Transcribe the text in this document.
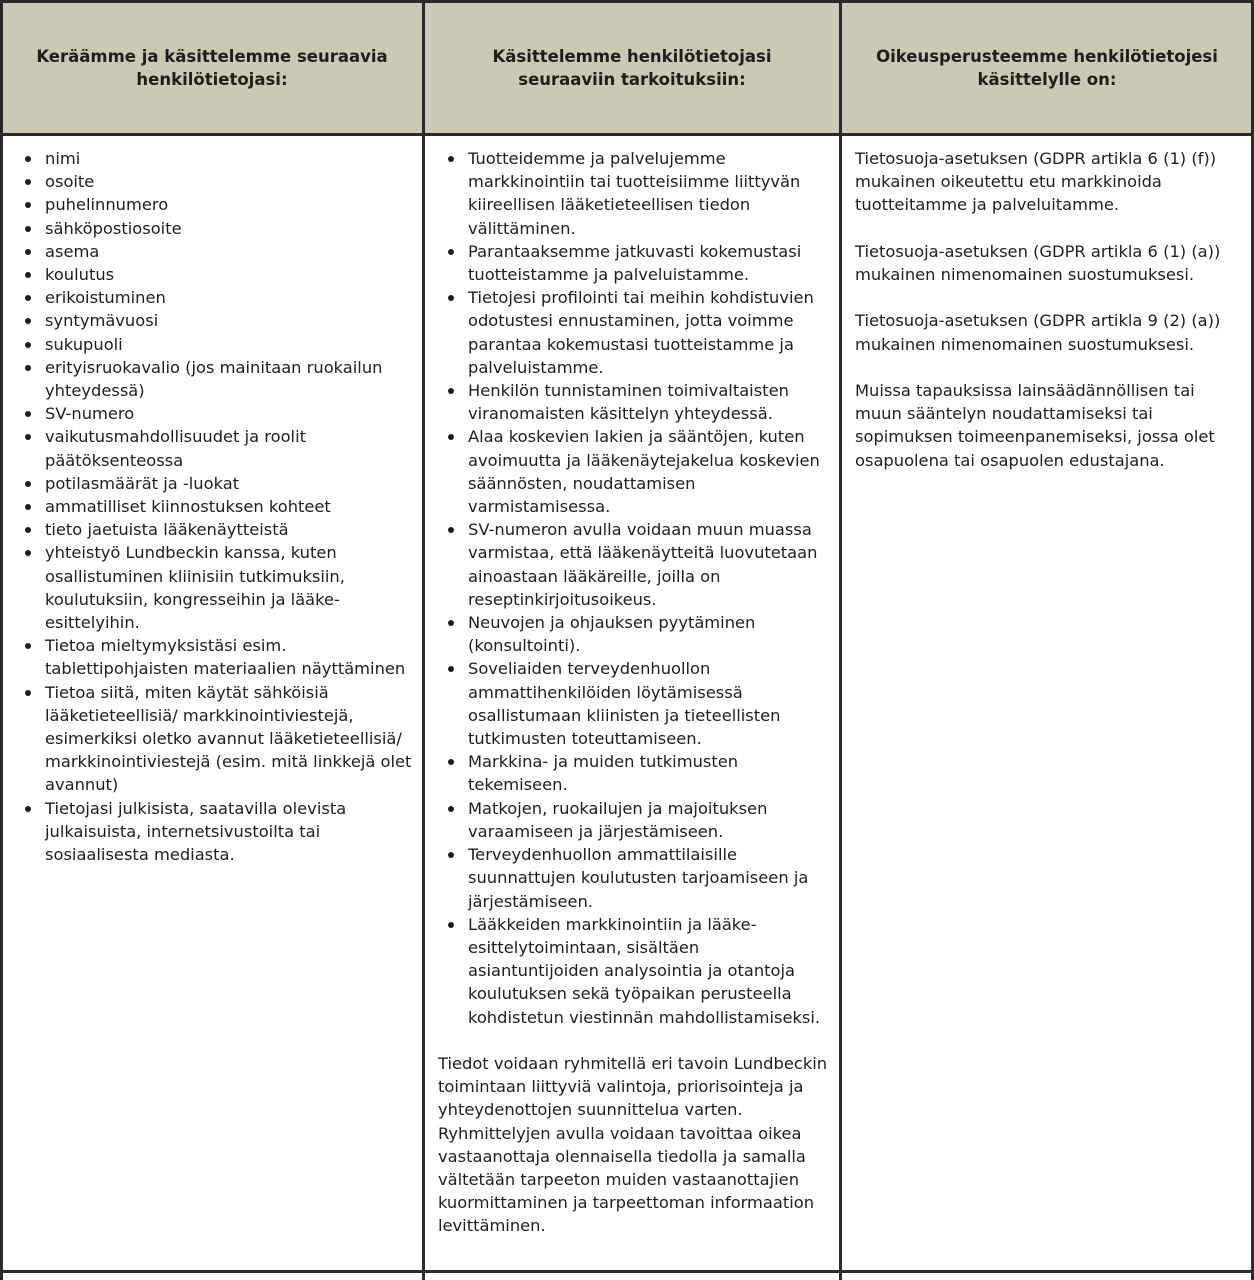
Keräämme ja käsittelemme seuraavia henkilötietojasi:
Käsittelemme henkilötietojasi seuraaviin tarkoituksiin:
Oikeusperusteemme henkilötietojesi käsittelylle on:
nimi
osoite
puhelinnumero
sähköpostiosoite
asema
koulutus
erikoistuminen
syntymävuosi
sukupuoli
erityisruokavalio (jos mainitaan ruokailun yhteydessä)
SV-numero
vaikutusmahdollisuudet ja roolit päätöksenteossa
potilasmäärät ja -luokat
ammatilliset kiinnostuksen kohteet
tieto jaetuista lääkenäytteistä
yhteistyö Lundbeckin kanssa, kuten osallistuminen kliinisiin tutkimuksiin, koulutuksiin, kongresseihin ja lääke-esittelyihin.
Tietoa mieltymyksistäsi esim. tablettipohjaisten materiaalien näyttäminen
Tietoa siitä, miten käytät sähköisiä lääketieteellisiä/ markkinointiviestejä, esimerkiksi oletko avannut lääketieteellisiä/ markkinointiviestejä (esim. mitä linkkejä olet avannut)
Tietojasi julkisista, saatavilla olevista julkaisuista, internetsivustoilta tai sosiaalisesta mediasta.
Tuotteidemme ja palvelujemme markkinointiin tai tuotteisiimme liittyvän kiireellisen lääketieteellisen tiedon välittäminen.
Parantaaksemme jatkuvasti kokemustasi tuotteistamme ja palveluistamme.
Tietojesi profilointi tai meihin kohdistuvien odotustesi ennustaminen, jotta voimme parantaa kokemustasi tuotteistamme ja palveluistamme.
Henkilön tunnistaminen toimivaltaisten viranomaisten käsittelyn yhteydessä.
Alaa koskevien lakien ja sääntöjen, kuten avoimuutta ja lääkenäytejakelua koskevien säännösten, noudattamisen varmistamisessa.
SV-numeron avulla voidaan muun muassa varmistaa, että lääkenäytteitä luovutetaan ainoastaan lääkäreille, joilla on reseptinkirjoitusoikeus.
Neuvojen ja ohjauksen pyytäminen (konsultointi).
Soveliaiden terveydenhuollon ammattihenkilöiden löytämisessä osallistumaan kliinisten ja tieteellisten tutkimusten toteuttamiseen.
Markkina- ja muiden tutkimusten tekemiseen.
Matkojen, ruokailujen ja majoituksen varaamiseen ja järjestämiseen.
Terveydenhuollon ammattilaisille suunnattujen koulutusten tarjoamiseen ja järjestämiseen.
Lääkkeiden markkinointiin ja lääke-esittelytoimintaan, sisältäen asiantuntijoiden analysointia ja otantoja koulutuksen sekä työpaikan perusteella kohdistetun viestinnän mahdollistamiseksi.

Tiedot voidaan ryhmitellä eri tavoin Lundbeckin toimintaan liittyviä valintoja, priorisointeja ja yhteydenottojen suunnittelua varten. Ryhmittelyjen avulla voidaan tavoittaa oikea vastaanottaja olennaisella tiedolla ja samalla vältetään tarpeeton muiden vastaanottajien kuormittaminen ja tarpeettoman informaation levittäminen.

Tietosuoja-asetuksen (GDPR artikla 6 (1) (f)) mukainen oikeutettu etu markkinoida tuotteitamme ja palveluitamme.

Tietosuoja-asetuksen (GDPR artikla 6 (1) (a)) mukainen nimenomainen suostumuksesi.

Tietosuoja-asetuksen (GDPR artikla 9 (2) (a)) mukainen nimenomainen suostumuksesi.

Muissa tapauksissa lainsäädännöllisen tai muun sääntelyn noudattamiseksi tai sopimuksen toimeenpanemiseksi, jossa olet osapuolena tai osapuolen edustajana.
